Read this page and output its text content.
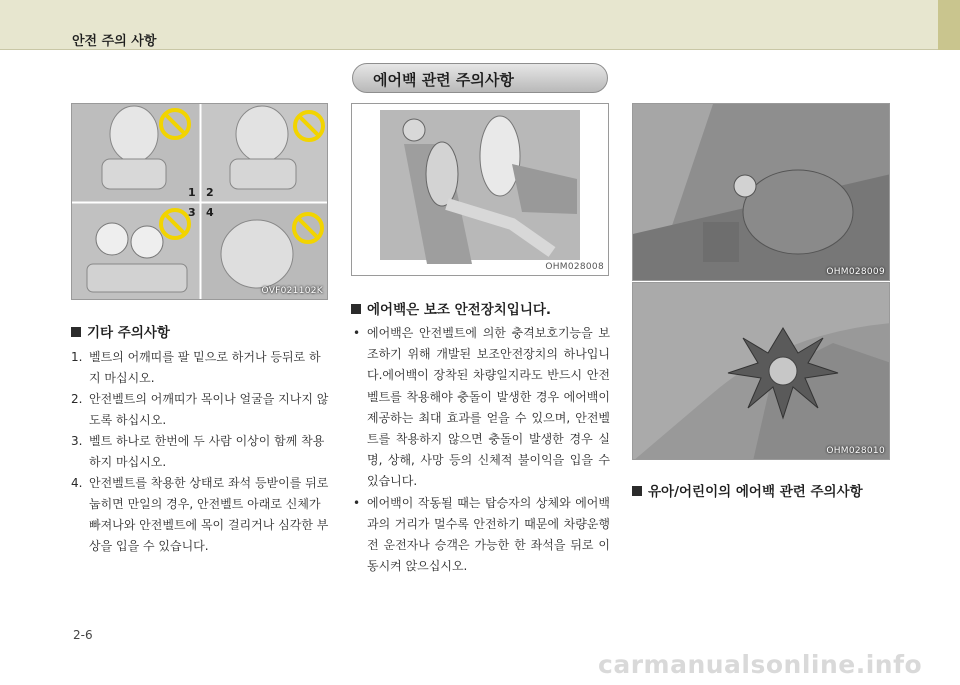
안전 주의 사항
에어백 관련 주의사항
1 2
3 4
OVF021102K
OHM028008	OHM028009
OHM028010
기타 주의사항
1. 벨트의 어깨띠를 팔 밑으로 하거나 등뒤로 하지 마십시오.
2. 안전벨트의 어깨띠가 목이나 얼굴을 지나지 않도록 하십시오.
3. 벨트 하나로 한번에 두 사람 이상이 함께 착용하지 마십시오.
4. 안전벨트를 착용한 상태로 좌석 등받이를 뒤로 눕히면 만일의 경우, 안전벨트 아래로 신체가 빠져나와 안전벨트에 목이 걸리거나 심각한 부상을 입을 수 있습니다.
에어백은 보조 안전장치입니다.
• 에어백은 안전벨트에 의한 충격보호기능을 보조하기 위해 개발된 보조안전장치의 하나입니다.에어백이 장착된 차량일지라도 반드시 안전벨트를 착용해야 충돌이 발생한 경우 에어백이 제공하는 최대 효과를 얻을 수 있으며, 안전벨트를 착용하지 않으면 충돌이 발생한 경우 실명, 상해, 사망 등의 신체적 불이익을 입을 수 있습니다.
• 에어백이 작동될 때는 탑승자의 상체와 에어백과의 거리가 멀수록 안전하기 때문에 차량운행 전 운전자나 승객은 가능한 한 좌석을 뒤로 이동시켜 앉으십시오.
유아/어린이의 에어백 관련 주의사항
2-6
carmanualsonline.info
